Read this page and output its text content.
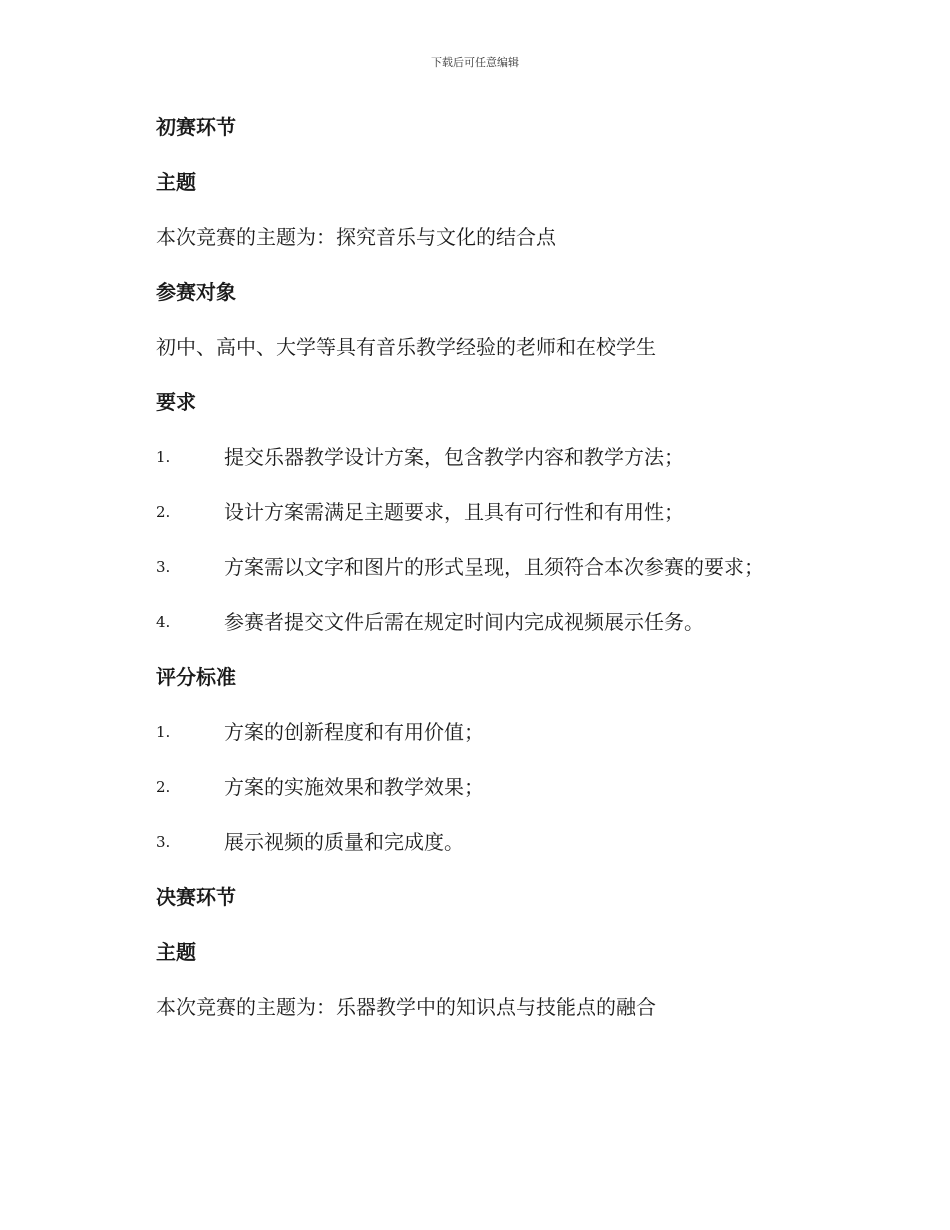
下载后可任意编辑
初赛环节
主题
本次竞赛的主题为：探究音乐与文化的结合点
参赛对象
初中、高中、大学等具有音乐教学经验的老师和在校学生
要求
1.	提交乐器教学设计方案，包含教学内容和教学方法；
2.	设计方案需满足主题要求，且具有可行性和有用性；
3.	方案需以文字和图片的形式呈现，且须符合本次参赛的要求；
4.	参赛者提交文件后需在规定时间内完成视频展示任务。
评分标准
1.	方案的创新程度和有用价值；
2.	方案的实施效果和教学效果；
3.	展示视频的质量和完成度。
决赛环节
主题
本次竞赛的主题为：乐器教学中的知识点与技能点的融合
